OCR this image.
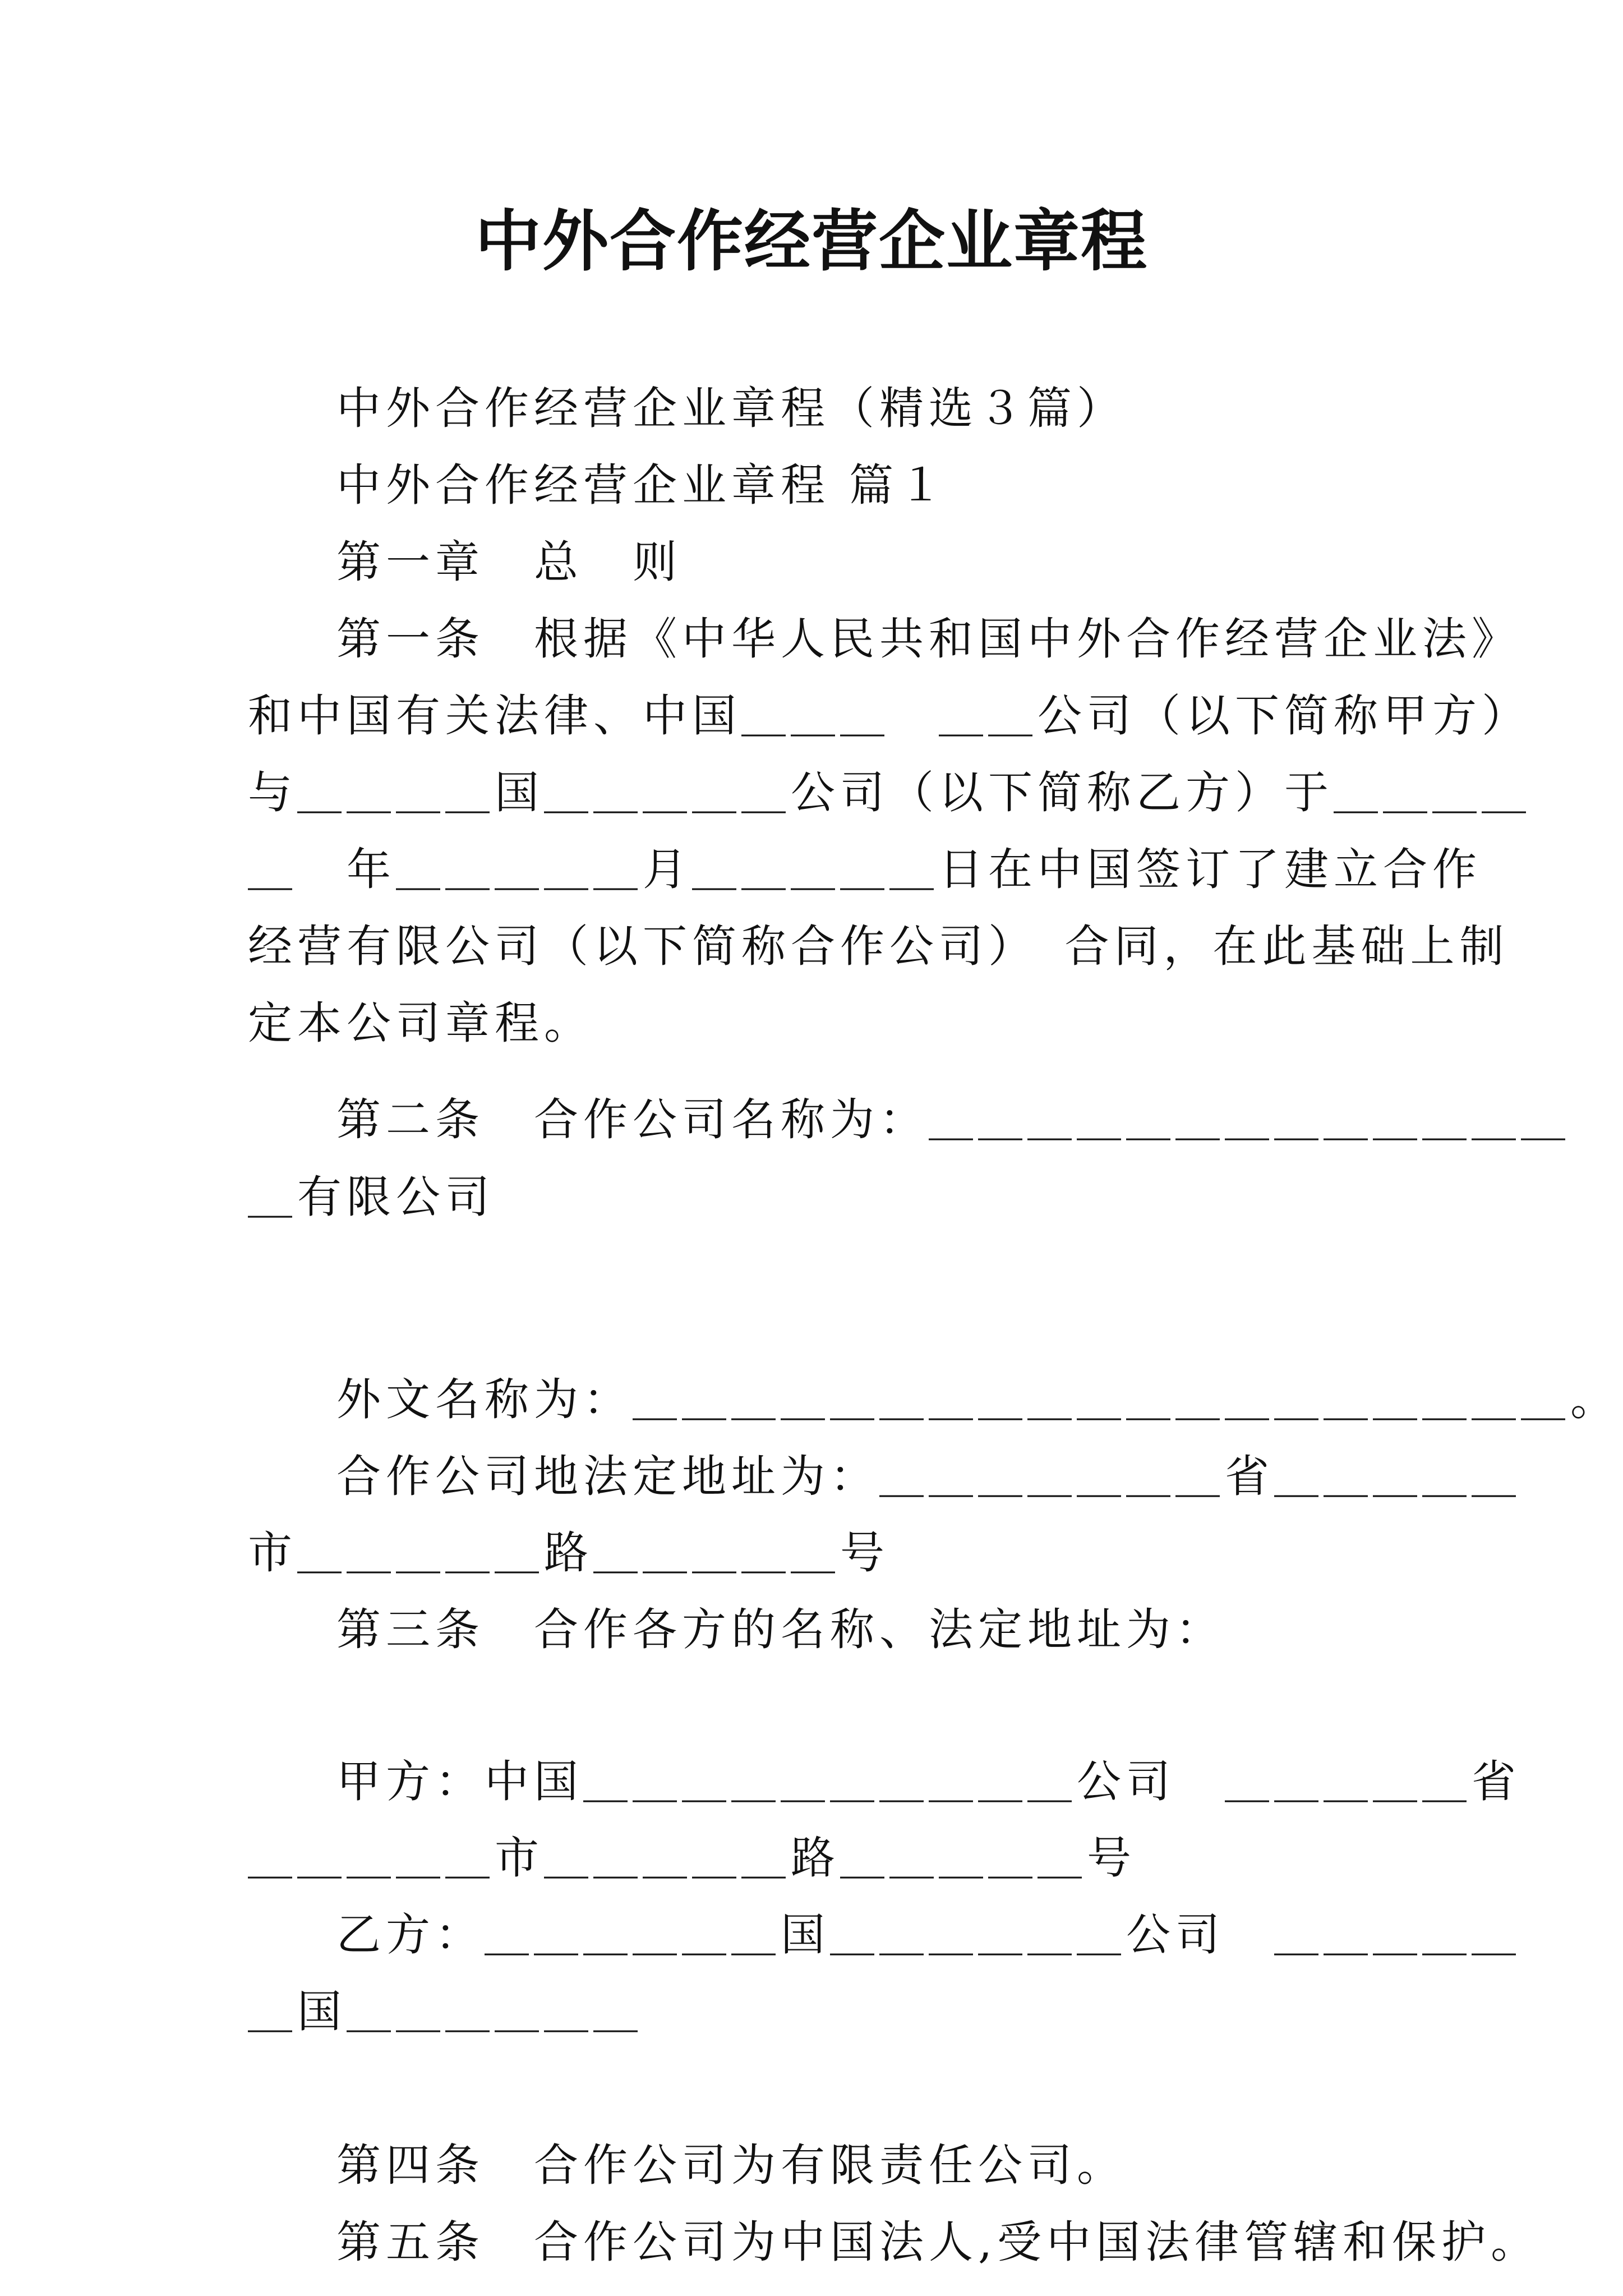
中外合作经营企业章程
中外合作经营企业章程（精选３篇）
中外合作经营企业章程 篇１
第一章　总　则
第一条　根据《中华人民共和国中外合作经营企业法》
和中国有关法律、中国＿＿＿　＿＿公司（以下简称甲方）
与＿＿＿＿国＿＿＿＿＿公司（以下简称乙方）于＿＿＿＿
＿　年＿＿＿＿＿月＿＿＿＿＿日在中国签订了建立合作
经营有限公司（以下简称合作公司）　合同，在此基础上制
定本公司章程。
第二条　合作公司名称为：＿＿＿＿＿＿＿＿＿＿＿＿＿
＿有限公司
外文名称为：＿＿＿＿＿＿＿＿＿＿＿＿＿＿＿＿＿＿＿。
合作公司地法定地址为：＿＿＿＿＿＿＿省＿＿＿＿＿
市＿＿＿＿＿路＿＿＿＿＿号
第三条　合作各方的名称、法定地址为：
甲方：中国＿＿＿＿＿＿＿＿＿＿公司　＿＿＿＿＿省
＿＿＿＿＿市＿＿＿＿＿路＿＿＿＿＿号
乙方：＿＿＿＿＿＿国＿＿＿＿＿＿公司　＿＿＿＿＿
＿国＿＿＿＿＿＿
第四条　合作公司为有限责任公司。
第五条　合作公司为中国法人,受中国法律管辖和保护。
